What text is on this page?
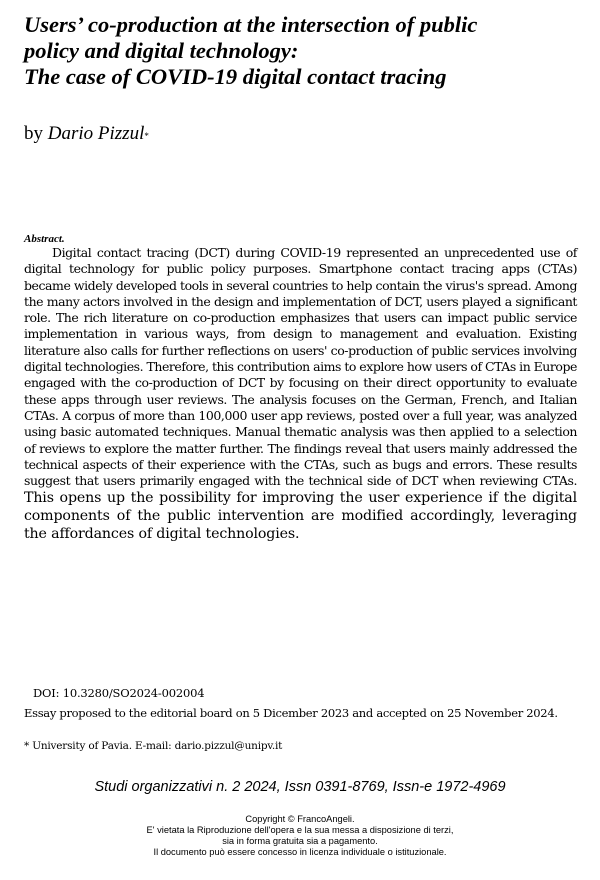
Users’ co-production at the intersection of public
policy and digital technology:
The case of COVID-19 digital contact tracing
by Dario Pizzul*
Abstract.

Digital contact tracing (DCT) during COVID-19 represented an unprecedented use of digital technology for public policy purposes. Smartphone contact tracing apps (CTAs) became widely developed tools in several countries to help contain the virus's spread. Among the many actors involved in the design and implementation of DCT, users played a significant role. The rich literature on co-production emphasizes that users can impact public service implementation in various ways, from design to management and evaluation. Existing literature also calls for further reflections on users' co-production of public services involving digital technologies. Therefore, this contribution aims to explore how users of CTAs in Europe engaged with the co-production of DCT by focusing on their direct opportunity to evaluate these apps through user reviews. The analysis focuses on the German, French, and Italian CTAs. A corpus of more than 100,000 user app reviews, posted over a full year, was analyzed using basic automated techniques. Manual thematic analysis was then applied to a selection of reviews to explore the matter further. The findings reveal that users mainly addressed the technical aspects of their experience with the CTAs, such as bugs and errors. These results suggest that users primarily engaged with the technical side of DCT when reviewing CTAs. This opens up the possibility for improving the user experience if the digital components of the public intervention are modified accordingly, leveraging the affordances of digital technologies.

DOI: 10.3280/SO2024-002004

Essay proposed to the editorial board on 5 Dicember 2023 and accepted on 25 November 2024.

* University of Pavia. E-mail: dario.pizzul@unipv.it
Studi organizzativi n. 2 2024, Issn 0391-8769, Issn-e 1972-4969
Copyright © FrancoAngeli.
E' vietata la Riproduzione dell'opera e la sua messa a disposizione di terzi,
sia in forma gratuita sia a pagamento.
Il documento può essere concesso in licenza individuale o istituzionale.
